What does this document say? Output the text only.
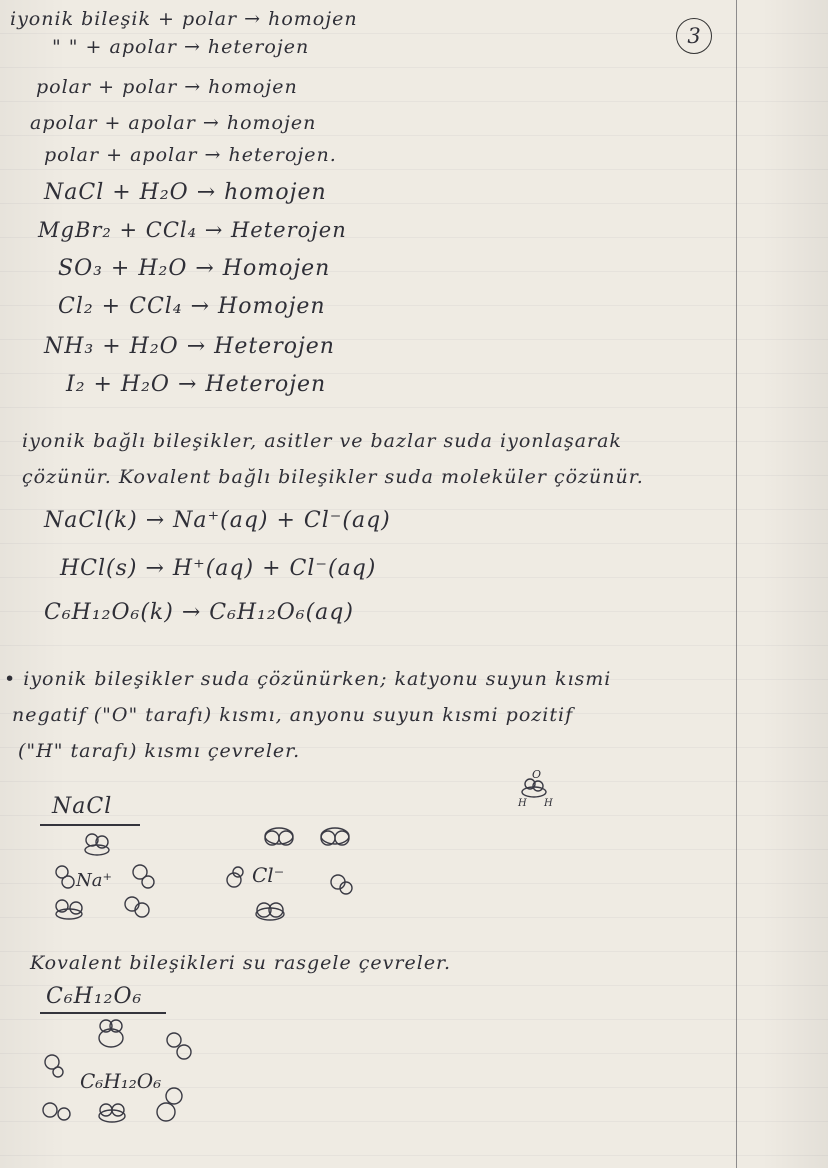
3
iyonik bileşik + polar → homojen
" " + apolar → heterojen
polar + polar → homojen
apolar + apolar → homojen
polar + apolar → heterojen.
NaCl + H₂O → homojen
MgBr₂ + CCl₄ → Heterojen
SO₃ + H₂O → Homojen
Cl₂ + CCl₄ → Homojen
NH₃ + H₂O → Heterojen
I₂ + H₂O → Heterojen
iyonik bağlı bileşikler, asitler ve bazlar suda iyonlaşarak
çözünür. Kovalent bağlı bileşikler suda moleküler çözünür.
NaCl(k) → Na⁺(aq) + Cl⁻(aq)
HCl(s) → H⁺(aq) + Cl⁻(aq)
C₆H₁₂O₆(k) → C₆H₁₂O₆(aq)
• iyonik bileşikler suda çözünürken; katyonu suyun kısmi
negatif ("O" tarafı) kısmı, anyonu suyun kısmi pozitif
("H" tarafı) kısmı çevreler.
O
H H
NaCl
Na⁺	Cl⁻
Kovalent bileşikleri su rasgele çevreler.
C₆H₁₂O₆
C₆H₁₂O₆
